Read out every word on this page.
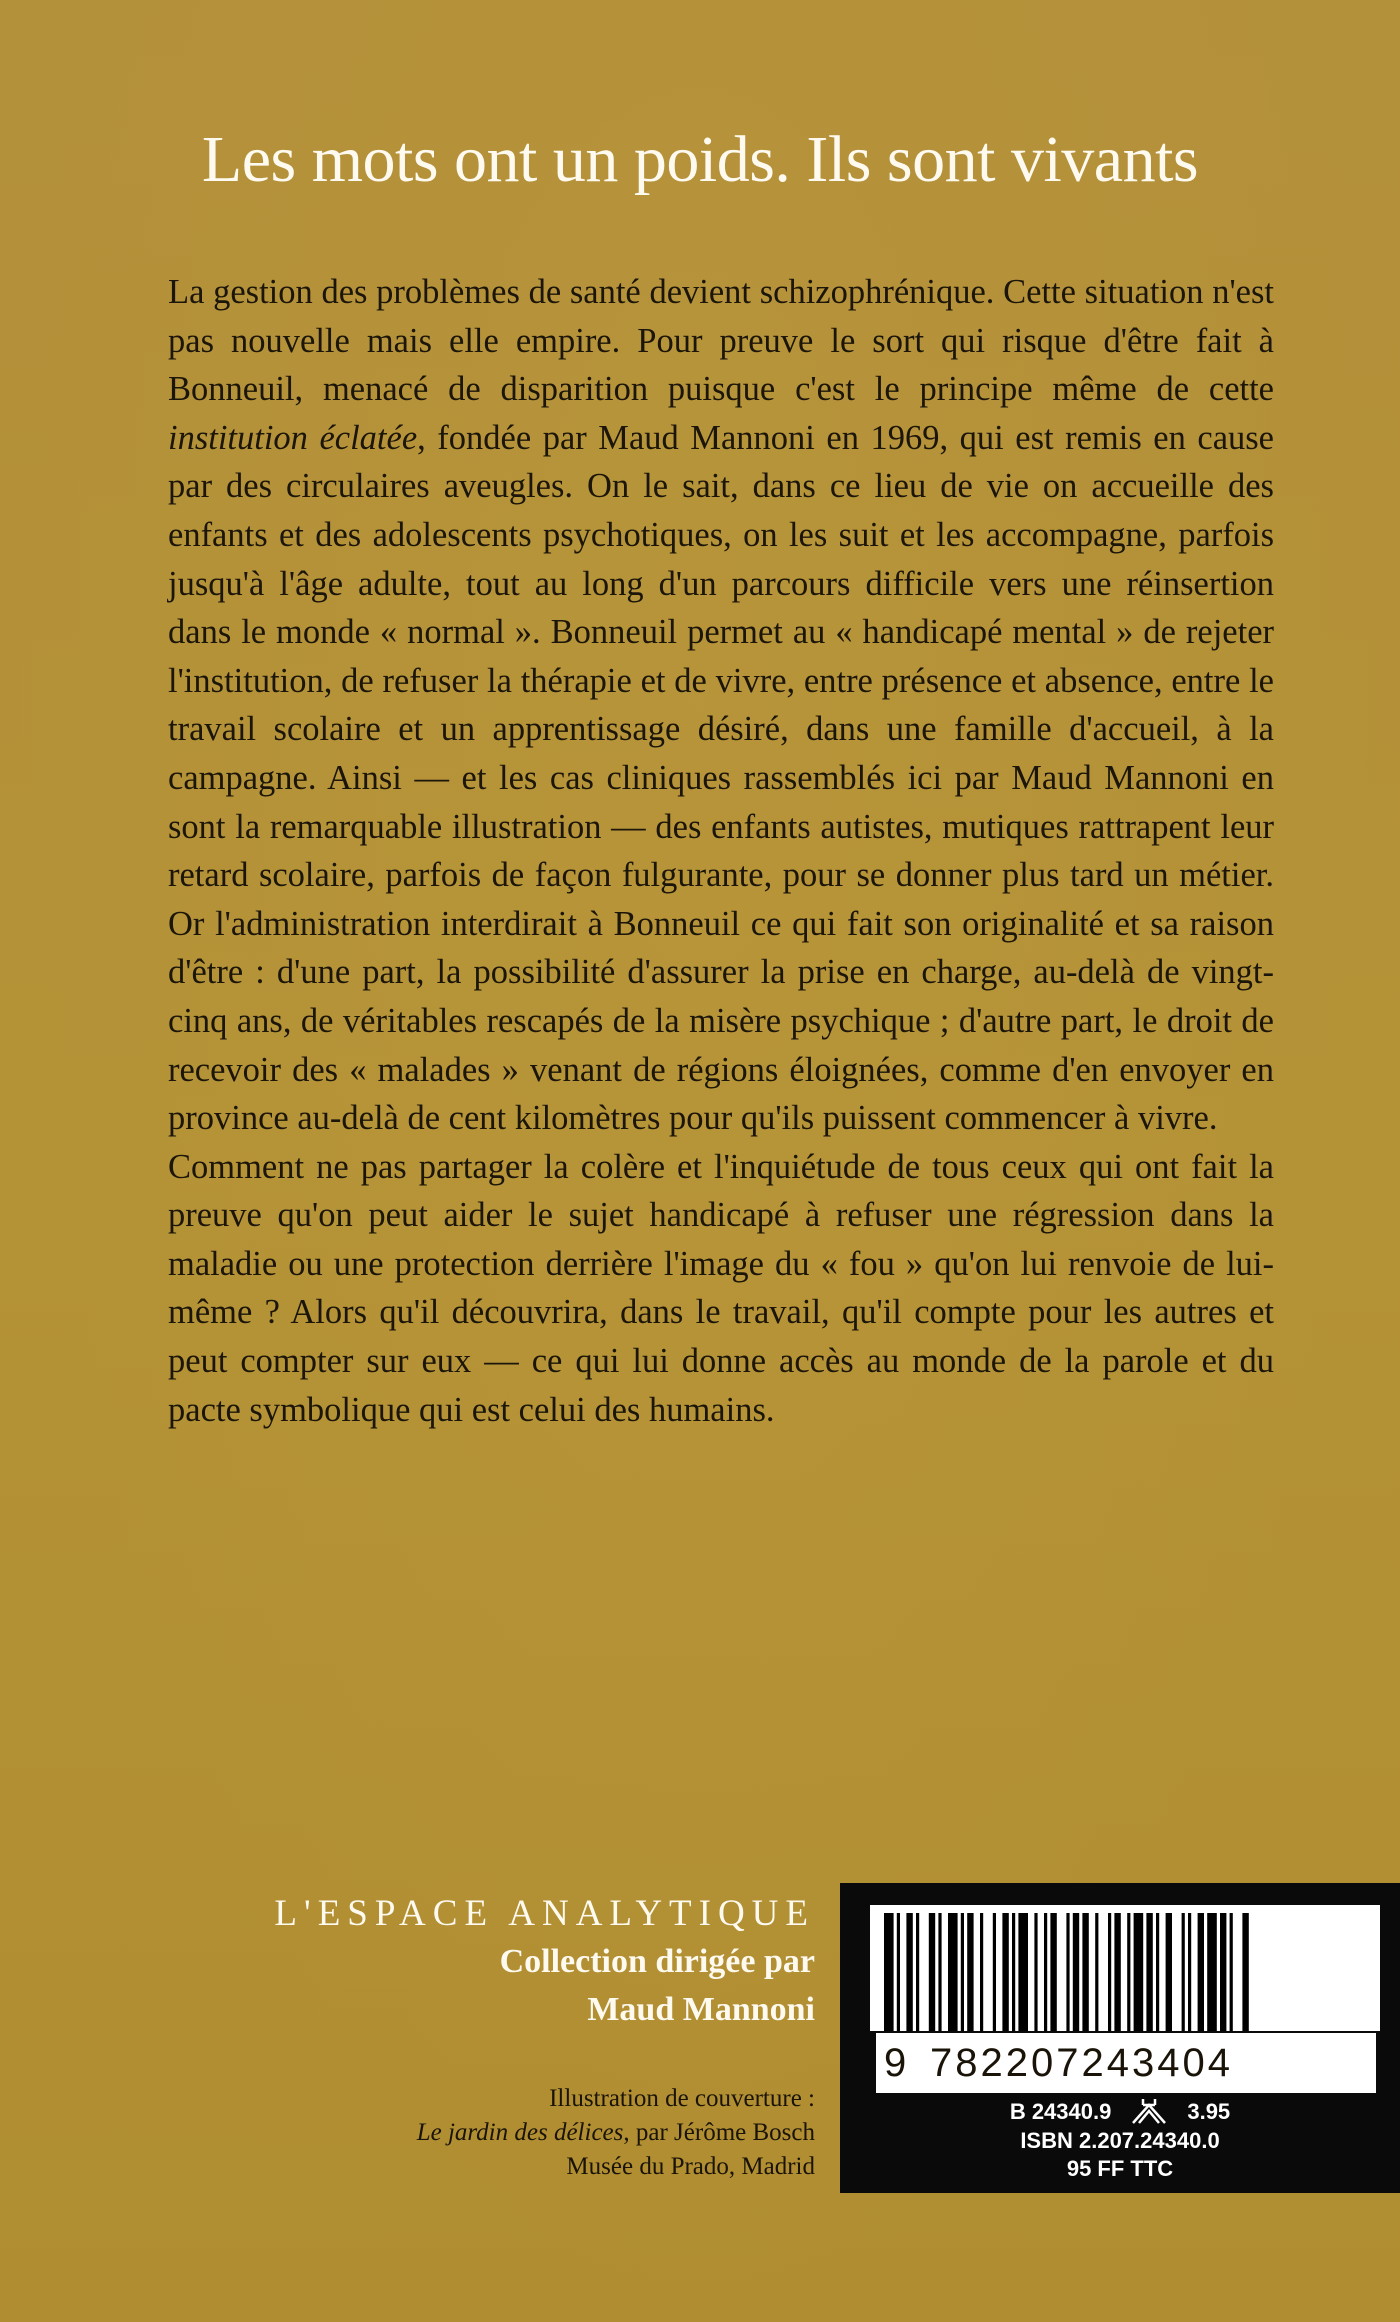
Les mots ont un poids. Ils sont vivants

La gestion des problèmes de santé devient schizophrénique. Cette situation n'est pas nouvelle mais elle empire. Pour preuve le sort qui risque d'être fait à Bonneuil, menacé de disparition puisque c'est le principe même de cette institution éclatée, fondée par Maud Mannoni en 1969, qui est remis en cause par des circulaires aveugles. On le sait, dans ce lieu de vie on accueille des enfants et des adolescents psychotiques, on les suit et les accompagne, parfois jusqu'à l'âge adulte, tout au long d'un parcours difficile vers une réinsertion dans le monde « normal ». Bonneuil permet au « handicapé mental » de rejeter l'institution, de refuser la thérapie et de vivre, entre présence et absence, entre le travail scolaire et un apprentissage désiré, dans une famille d'accueil, à la campagne. Ainsi — et les cas cliniques rassemblés ici par Maud Mannoni en sont la remarquable illustration — des enfants autistes, mutiques rattrapent leur retard scolaire, parfois de façon fulgurante, pour se donner plus tard un métier. Or l'administration interdirait à Bonneuil ce qui fait son originalité et sa raison d'être : d'une part, la possibilité d'assurer la prise en charge, au-delà de vingt-cinq ans, de véritables rescapés de la misère psychique ; d'autre part, le droit de recevoir des « malades » venant de régions éloignées, comme d'en envoyer en province au-delà de cent kilomètres pour qu'ils puissent commencer à vivre.

Comment ne pas partager la colère et l'inquiétude de tous ceux qui ont fait la preuve qu'on peut aider le sujet handicapé à refuser une régression dans la maladie ou une protection derrière l'image du « fou » qu'on lui renvoie de lui-même ? Alors qu'il découvrira, dans le travail, qu'il compte pour les autres et peut compter sur eux — ce qui lui donne accès au monde de la parole et du pacte symbolique qui est celui des humains.

L'ESPACE ANALYTIQUE
Collection dirigée par
Maud Mannoni
Illustration de couverture :
Le jardin des délices, par Jérôme Bosch
Musée du Prado, Madrid
9 782207243404
B 24340.9	3.95
ISBN 2.207.24340.0
95 FF TTC
